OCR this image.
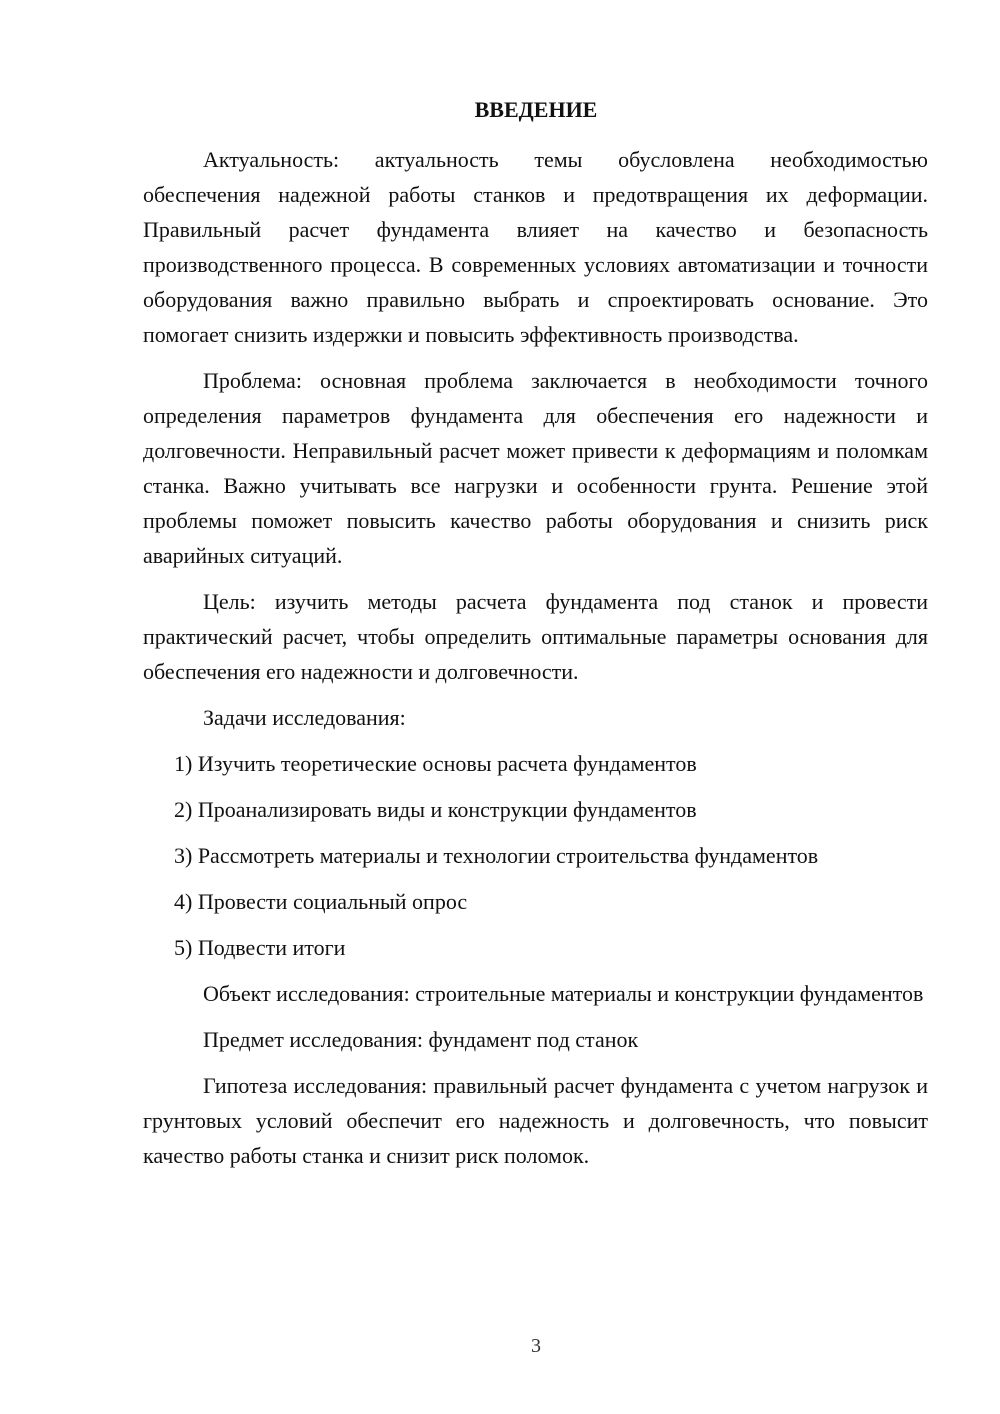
ВВЕДЕНИЕ

Актуальность: актуальность темы обусловлена необходимостью обеспечения надежной работы станков и предотвращения их деформации. Правильный расчет фундамента влияет на качество и безопасность производственного процесса. В современных условиях автоматизации и точности оборудования важно правильно выбрать и спроектировать основание. Это помогает снизить издержки и повысить эффективность производства.

Проблема: основная проблема заключается в необходимости точного определения параметров фундамента для обеспечения его надежности и долговечности. Неправильный расчет может привести к деформациям и поломкам станка. Важно учитывать все нагрузки и особенности грунта. Решение этой проблемы поможет повысить качество работы оборудования и снизить риск аварийных ситуаций.

Цель: изучить методы расчета фундамента под станок и провести практический расчет, чтобы определить оптимальные параметры основания для обеспечения его надежности и долговечности.

Задачи исследования:

1) Изучить теоретические основы расчета фундаментов

2) Проанализировать виды и конструкции фундаментов

3) Рассмотреть материалы и технологии строительства фундаментов

4) Провести социальный опрос

5) Подвести итоги

Объект исследования: строительные материалы и конструкции фундаментов

Предмет исследования: фундамент под станок

Гипотеза исследования: правильный расчет фундамента с учетом нагрузок и грунтовых условий обеспечит его надежность и долговечность, что повысит качество работы станка и снизит риск поломок.

3
